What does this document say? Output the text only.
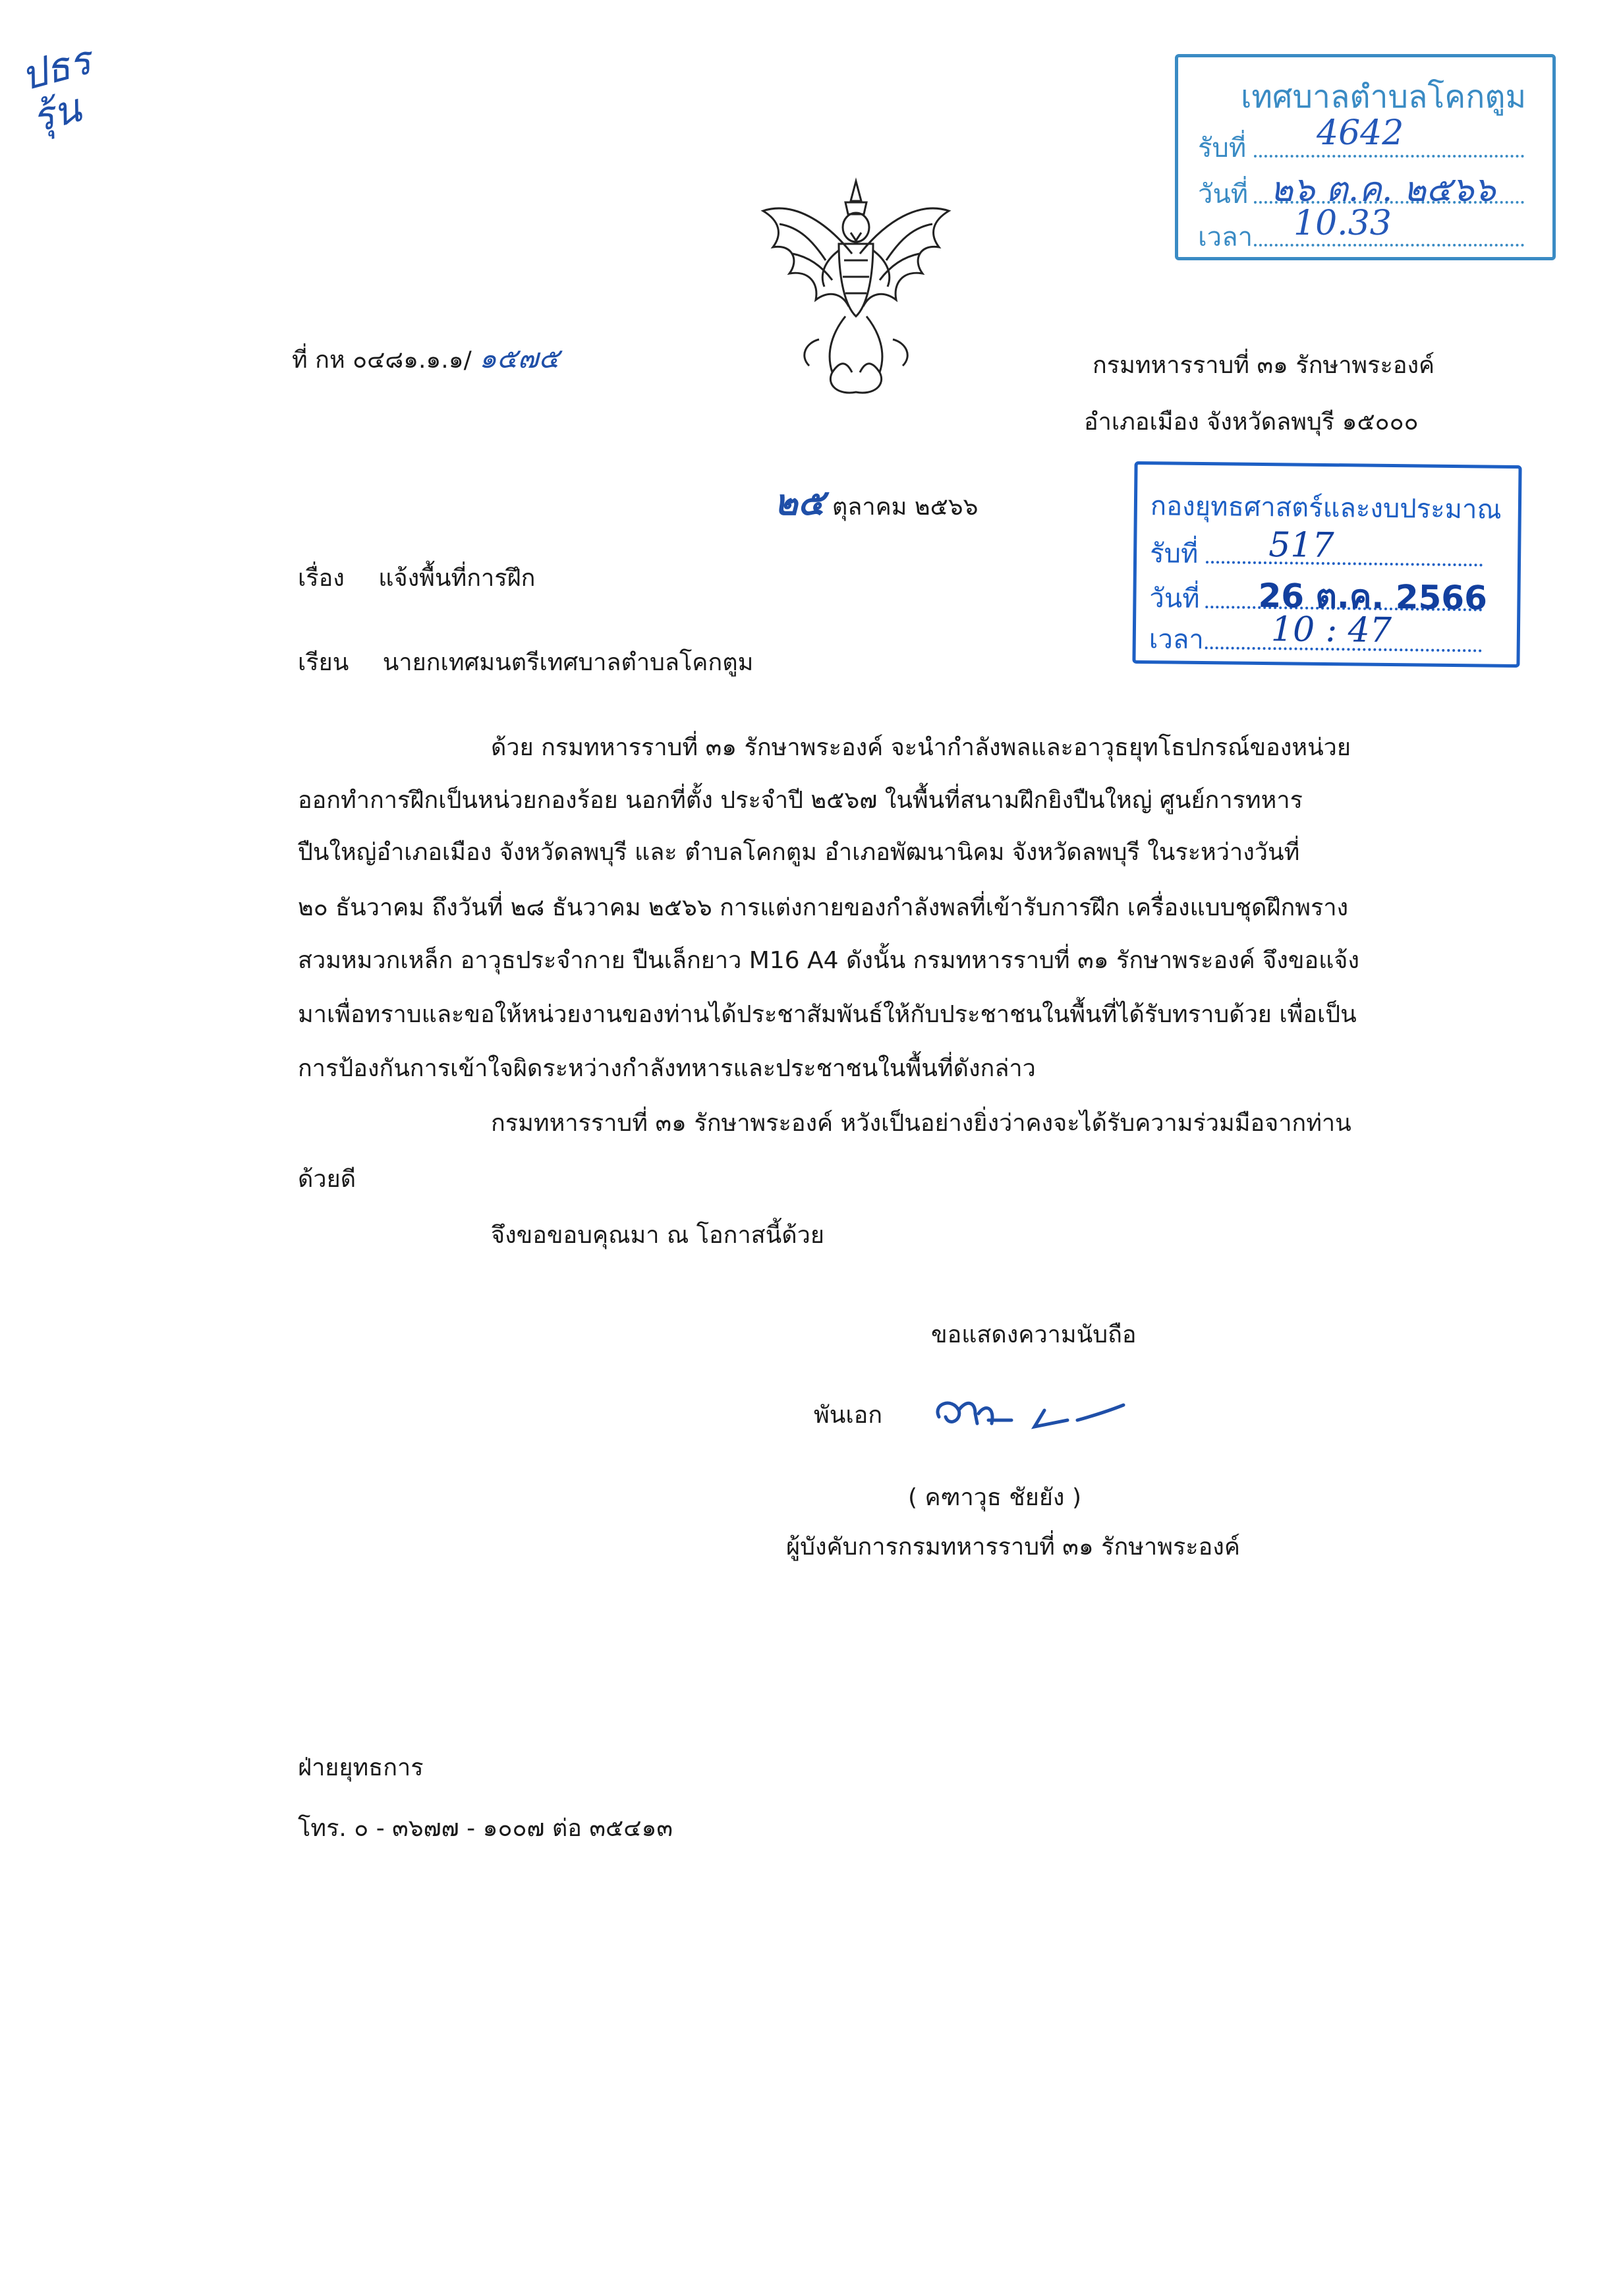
ปธร
รุ้น	เทศบาลตำบลโคกตูม
รับที่ 4642
วันที่ ๒๖ ต.ค. ๒๕๖๖
เวลา 10.33
ที่ กห ๐๔๘๑.๑.๑/ ๑๕๗๕	กรมทหารราบที่ ๓๑ รักษาพระองค์
อำเภอเมือง จังหวัดลพบุรี ๑๕๐๐๐
๒๕ ตุลาคม ๒๕๖๖	กองยุทธศาสตร์และงบประมาณ
รับที่ 517
วันที่ 26 ต.ค. 2566
เวลา 10 : 47
เรื่อง แจ้งพื้นที่การฝึก
เรียน นายกเทศมนตรีเทศบาลตำบลโคกตูม
ด้วย กรมทหารราบที่ ๓๑ รักษาพระองค์ จะนำกำลังพลและอาวุธยุทโธปกรณ์ของหน่วย
ออกทำการฝึกเป็นหน่วยกองร้อย นอกที่ตั้ง ประจำปี ๒๕๖๗ ในพื้นที่สนามฝึกยิงปืนใหญ่ ศูนย์การทหาร
ปืนใหญ่อำเภอเมือง จังหวัดลพบุรี และ ตำบลโคกตูม อำเภอพัฒนานิคม จังหวัดลพบุรี ในระหว่างวันที่
๒๐ ธันวาคม ถึงวันที่ ๒๘ ธันวาคม ๒๕๖๖ การแต่งกายของกำลังพลที่เข้ารับการฝึก เครื่องแบบชุดฝึกพราง
สวมหมวกเหล็ก อาวุธประจำกาย ปืนเล็กยาว M16 A4 ดังนั้น กรมทหารราบที่ ๓๑ รักษาพระองค์ จึงขอแจ้ง
มาเพื่อทราบและขอให้หน่วยงานของท่านได้ประชาสัมพันธ์ให้กับประชาชนในพื้นที่ได้รับทราบด้วย เพื่อเป็น
การป้องกันการเข้าใจผิดระหว่างกำลังทหารและประชาชนในพื้นที่ดังกล่าว
กรมทหารราบที่ ๓๑ รักษาพระองค์ หวังเป็นอย่างยิ่งว่าคงจะได้รับความร่วมมือจากท่าน
ด้วยดี
จึงขอขอบคุณมา ณ โอกาสนี้ด้วย
ขอแสดงความนับถือ
พันเอก
( คฑาวุธ ชัยยัง )
ผู้บังคับการกรมทหารราบที่ ๓๑ รักษาพระองค์
ฝ่ายยุทธการ
โทร. ๐ - ๓๖๗๗ - ๑๐๐๗ ต่อ ๓๕๔๑๓
